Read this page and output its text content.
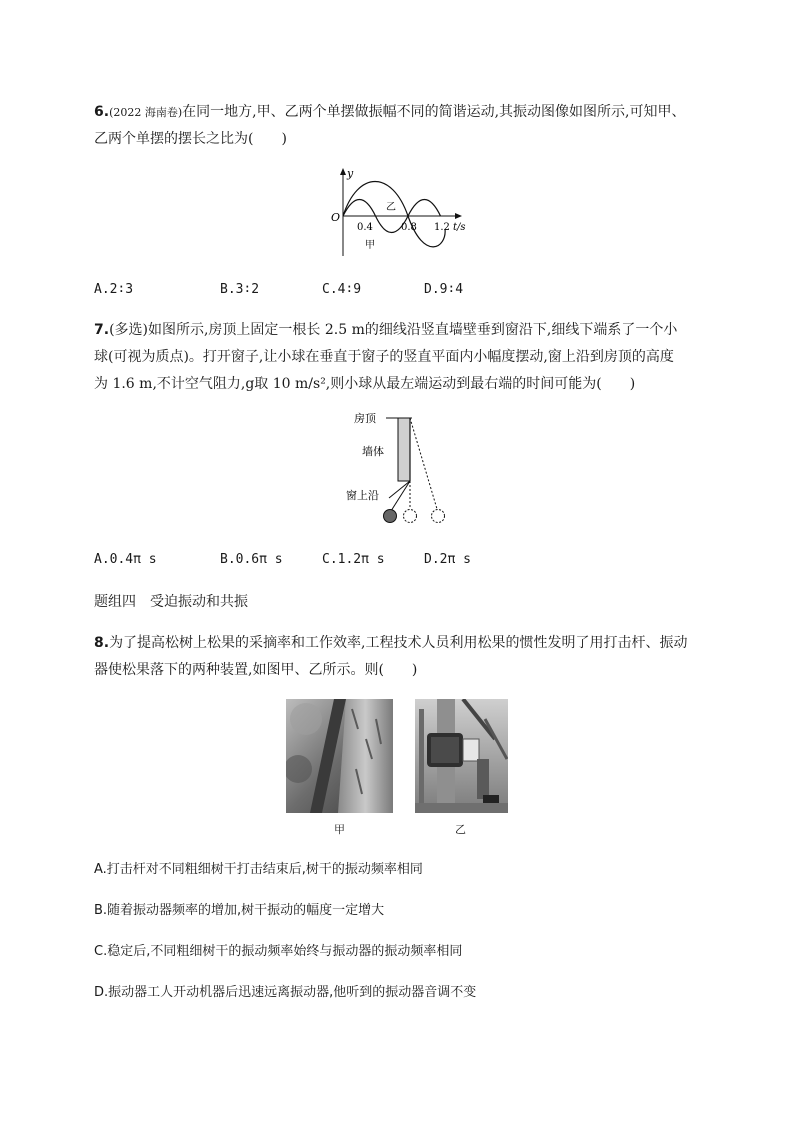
6.(2022 海南卷)在同一地方,甲、乙两个单摆做振幅不同的简谐运动,其振动图像如图所示,可知甲、
乙两个单摆的摆长之比为(　　)
y
O
0.4	0.8 1.2 t/s
乙
甲
A.2∶3	B.3∶2	C.4∶9	D.9∶4
7.(多选)如图所示,房顶上固定一根长 2.5 m的细线沿竖直墙壁垂到窗沿下,细线下端系了一个小
球(可视为质点)。打开窗子,让小球在垂直于窗子的竖直平面内小幅度摆动,窗上沿到房顶的高度
为 1.6 m,不计空气阻力,g取 10 m/s²,则小球从最左端运动到最右端的时间可能为(　　)
房顶
墙体
窗上沿
A.0.4π s	B.0.6π s	C.1.2π s	D.2π s
题组四　受迫振动和共振
8.为了提高松树上松果的采摘率和工作效率,工程技术人员利用松果的惯性发明了用打击杆、振动
器使松果落下的两种装置,如图甲、乙所示。则(　　)
甲	乙
A.打击杆对不同粗细树干打击结束后,树干的振动频率相同
B.随着振动器频率的增加,树干振动的幅度一定增大
C.稳定后,不同粗细树干的振动频率始终与振动器的振动频率相同
D.振动器工人开动机器后迅速远离振动器,他听到的振动器音调不变
